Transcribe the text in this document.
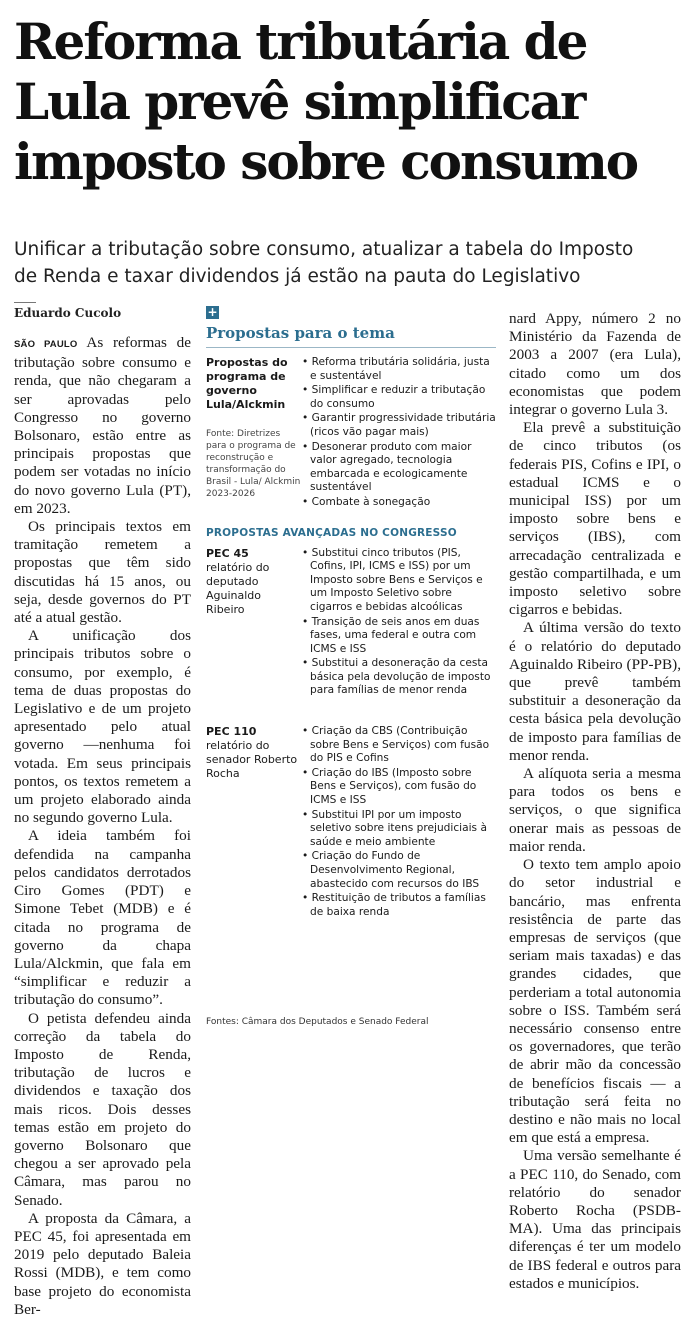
Reforma tributária de
Lula prevê simplificar
imposto sobre consumo
Unificar a tributação sobre consumo, atualizar a tabela do Imposto
de Renda e taxar dividendos já estão na pauta do Legislativo
Eduardo Cucolo

SÃO PAULO As reformas de tributação sobre consumo e renda, que não chegaram a ser aprovadas pelo Congresso no governo Bolsonaro, estão entre as principais propostas que podem ser votadas no início do novo governo Lula (PT), em 2023.

Os principais textos em tramitação remetem a propostas que têm sido discutidas há 15 anos, ou seja, desde governos do PT até a atual gestão.

A unificação dos principais tributos sobre o consumo, por exemplo, é tema de duas propostas do Legislativo e de um projeto apresentado pelo atual governo —nenhuma foi votada. Em seus principais pontos, os textos remetem a um projeto elaborado ainda no segundo governo Lula.

A ideia também foi defendida na campanha pelos candidatos derrotados Ciro Gomes (PDT) e Simone Tebet (MDB) e é citada no programa de governo da chapa Lula/Alckmin, que fala em “simplificar e reduzir a tributação do consumo”.

O petista defendeu ainda correção da tabela do Imposto de Renda, tributação de lucros e dividendos e taxação dos mais ricos. Dois desses temas estão em projeto do governo Bolsonaro que chegou a ser aprovado pela Câmara, mas parou no Senado.

A proposta da Câmara, a PEC 45, foi apresentada em 2019 pelo deputado Baleia Rossi (MDB), e tem como base projeto do economista Ber-

+
Propostas para o tema
Propostas do programa de governo Lula/Alckmin
Fonte: Diretrizes para o programa de reconstrução e transformação do Brasil - Lula/ Alckmin 2023-2026
• Reforma tributária solidária, justa e sustentável
• Simplificar e reduzir a tributação do consumo
• Garantir progressividade tributária (ricos vão pagar mais)
• Desonerar produto com maior valor agregado, tecnologia embarcada e ecologicamente sustentável
• Combate à sonegação
PROPOSTAS AVANÇADAS NO CONGRESSO
PEC 45
relatório do deputado Aguinaldo Ribeiro
• Substitui cinco tributos (PIS, Cofins, IPI, ICMS e ISS) por um Imposto sobre Bens e Serviços e um Imposto Seletivo sobre cigarros e bebidas alcoólicas
• Transição de seis anos em duas fases, uma federal e outra com ICMS e ISS
• Substitui a desoneração da cesta básica pela devolução de imposto para famílias de menor renda
PEC 110
relatório do senador Roberto Rocha
• Criação da CBS (Contribuição sobre Bens e Serviços) com fusão do PIS e Cofins
• Criação do IBS (Imposto sobre Bens e Serviços), com fusão do ICMS e ISS
• Substitui IPI por um imposto seletivo sobre itens prejudiciais à saúde e meio ambiente
• Criação do Fundo de Desenvolvimento Regional, abastecido com recursos do IBS
• Restituição de tributos a famílias de baixa renda
Fontes: Câmara dos Deputados e Senado Federal

nard Appy, número 2 no Ministério da Fazenda de 2003 a 2007 (era Lula), citado como um dos economistas que podem integrar o governo Lula 3.

Ela prevê a substituição de cinco tributos (os federais PIS, Cofins e IPI, o estadual ICMS e o municipal ISS) por um imposto sobre bens e serviços (IBS), com arrecadação centralizada e gestão compartilhada, e um imposto seletivo sobre cigarros e bebidas.

A última versão do texto é o relatório do deputado Aguinaldo Ribeiro (PP-PB), que prevê também substituir a desoneração da cesta básica pela devolução de imposto para famílias de menor renda.

A alíquota seria a mesma para todos os bens e serviços, o que significa onerar mais as pessoas de maior renda.

O texto tem amplo apoio do setor industrial e bancário, mas enfrenta resistência de parte das empresas de serviços (que seriam mais taxadas) e das grandes cidades, que perderiam a total autonomia sobre o ISS. Também será necessário consenso entre os governadores, que terão de abrir mão da concessão de benefícios fiscais — a tributação será feita no destino e não mais no local em que está a empresa.

Uma versão semelhante é a PEC 110, do Senado, com relatório do senador Roberto Rocha (PSDB-MA). Uma das principais diferenças é ter um modelo de IBS federal e outros para estados e municípios.
